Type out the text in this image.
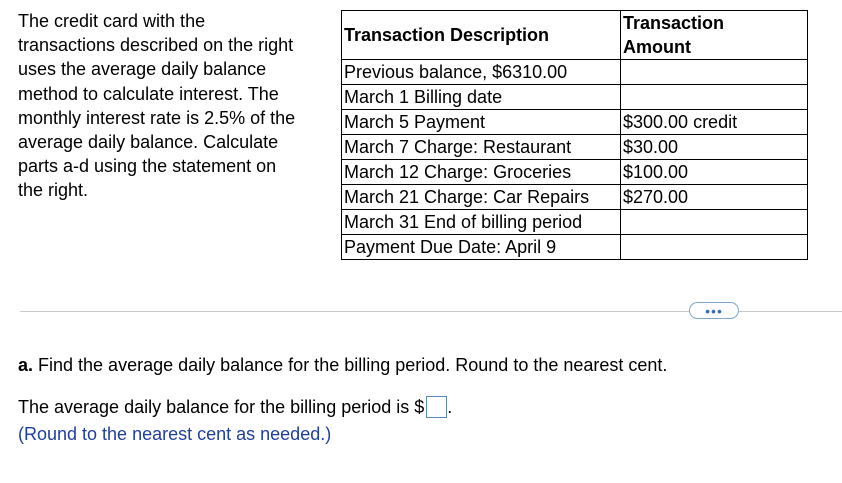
The credit card with the
transactions described on the right
uses the average daily balance
method to calculate interest. The
monthly interest rate is 2.5% of the
average daily balance. Calculate
parts a-d using the statement on
the right.

Transaction Description	Transaction
Amount
Previous balance, $6310.00	
March 1 Billing date	
March 5 Payment	$300.00 credit
March 7 Charge: Restaurant	$30.00
March 12 Charge: Groceries	$100.00
March 21 Charge: Car Repairs	$270.00
March 31 End of billing period	
Payment Due Date: April 9	
•••
a. Find the average daily balance for the billing period. Round to the nearest cent.
The average daily balance for the billing period is $ .
(Round to the nearest cent as needed.)
